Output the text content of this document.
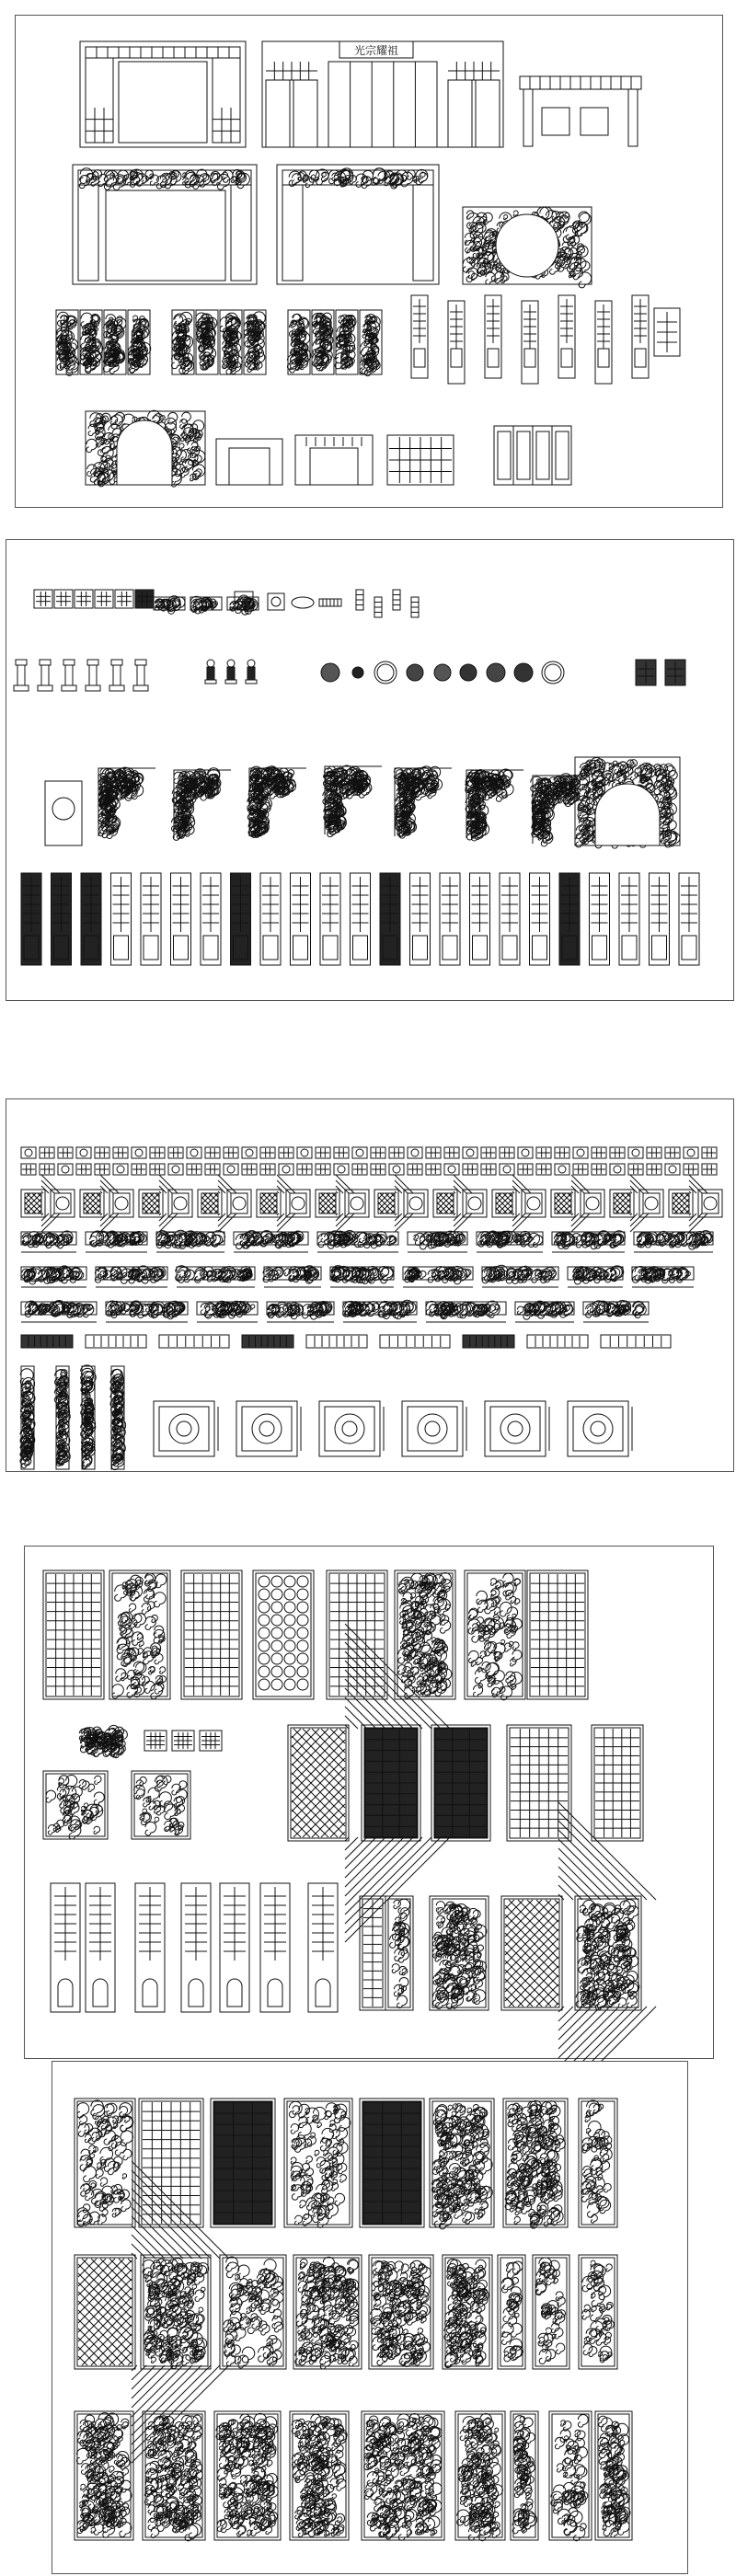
光宗耀祖
